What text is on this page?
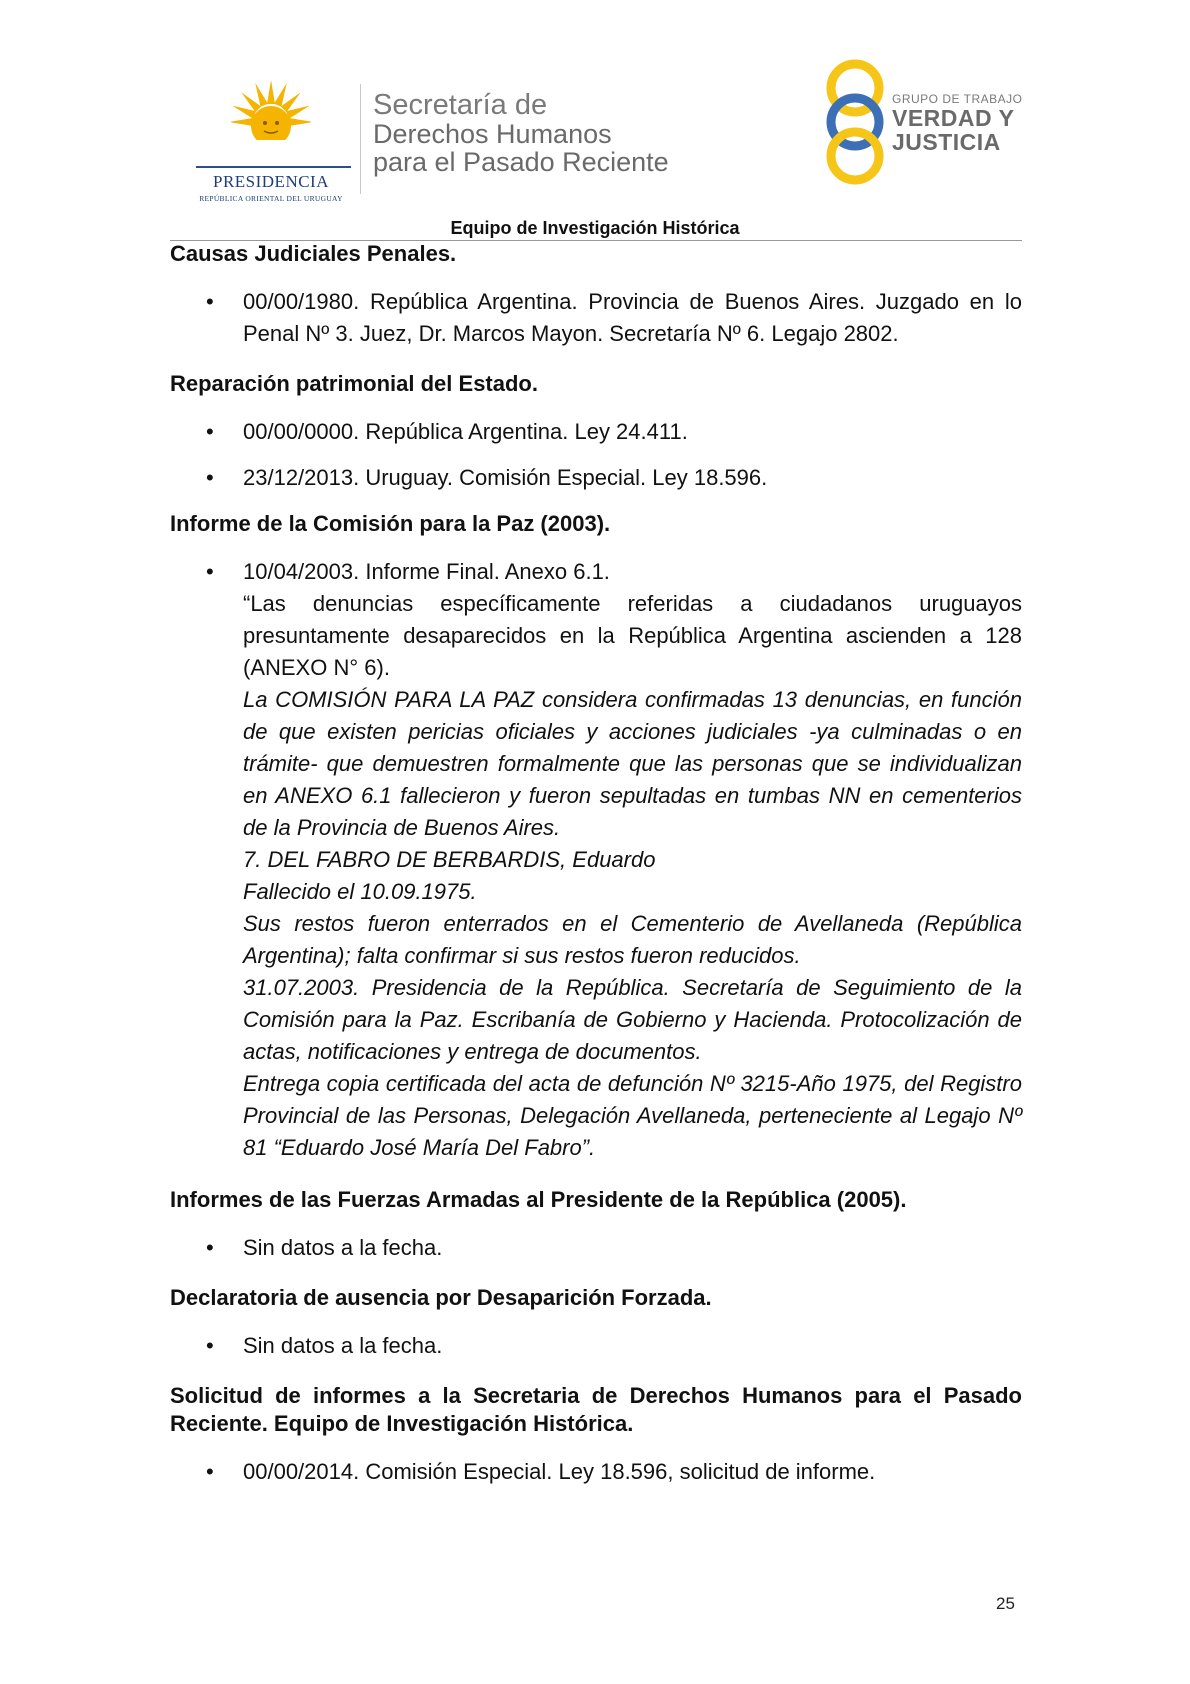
PRESIDENCIA
REPÚBLICA ORIENTAL DEL URUGUAY
Secretaría de
Derechos Humanos
para el Pasado Reciente
GRUPO DE TRABAJO
VERDAD Y
JUSTICIA
Equipo de Investigación Histórica
Causas Judiciales Penales.
• 00/00/1980. República Argentina. Provincia de Buenos Aires. Juzgado en lo Penal Nº 3. Juez, Dr. Marcos Mayon. Secretaría Nº 6. Legajo 2802.
Reparación patrimonial del Estado.
• 00/00/0000. República Argentina. Ley 24.411.
• 23/12/2013. Uruguay. Comisión Especial. Ley 18.596.
Informe de la Comisión para la Paz (2003).
• 10/04/2003. Informe Final. Anexo 6.1.
“Las denuncias específicamente referidas a ciudadanos uruguayos presuntamente desaparecidos en la República Argentina ascienden a 128 (ANEXO N° 6).
La COMISIÓN PARA LA PAZ considera confirmadas 13 denuncias, en función de que existen pericias oficiales y acciones judiciales -ya culminadas o en trámite- que demuestren formalmente que las personas que se individualizan en ANEXO 6.1 fallecieron y fueron sepultadas en tumbas NN en cementerios de la Provincia de Buenos Aires.
7. DEL FABRO DE BERBARDIS, Eduardo
Fallecido el 10.09.1975.
Sus restos fueron enterrados en el Cementerio de Avellaneda (República Argentina); falta confirmar si sus restos fueron reducidos.
31.07.2003. Presidencia de la República. Secretaría de Seguimiento de la Comisión para la Paz. Escribanía de Gobierno y Hacienda. Protocolización de actas, notificaciones y entrega de documentos.
Entrega copia certificada del acta de defunción Nº 3215-Año 1975, del Registro Provincial de las Personas, Delegación Avellaneda, perteneciente al Legajo Nº 81 “Eduardo José María Del Fabro”.
Informes de las Fuerzas Armadas al Presidente de la República (2005).
• Sin datos a la fecha.
Declaratoria de ausencia por Desaparición Forzada.
• Sin datos a la fecha.
Solicitud de informes a la Secretaria de Derechos Humanos para el Pasado Reciente. Equipo de Investigación Histórica.
• 00/00/2014. Comisión Especial. Ley 18.596, solicitud de informe.
25
